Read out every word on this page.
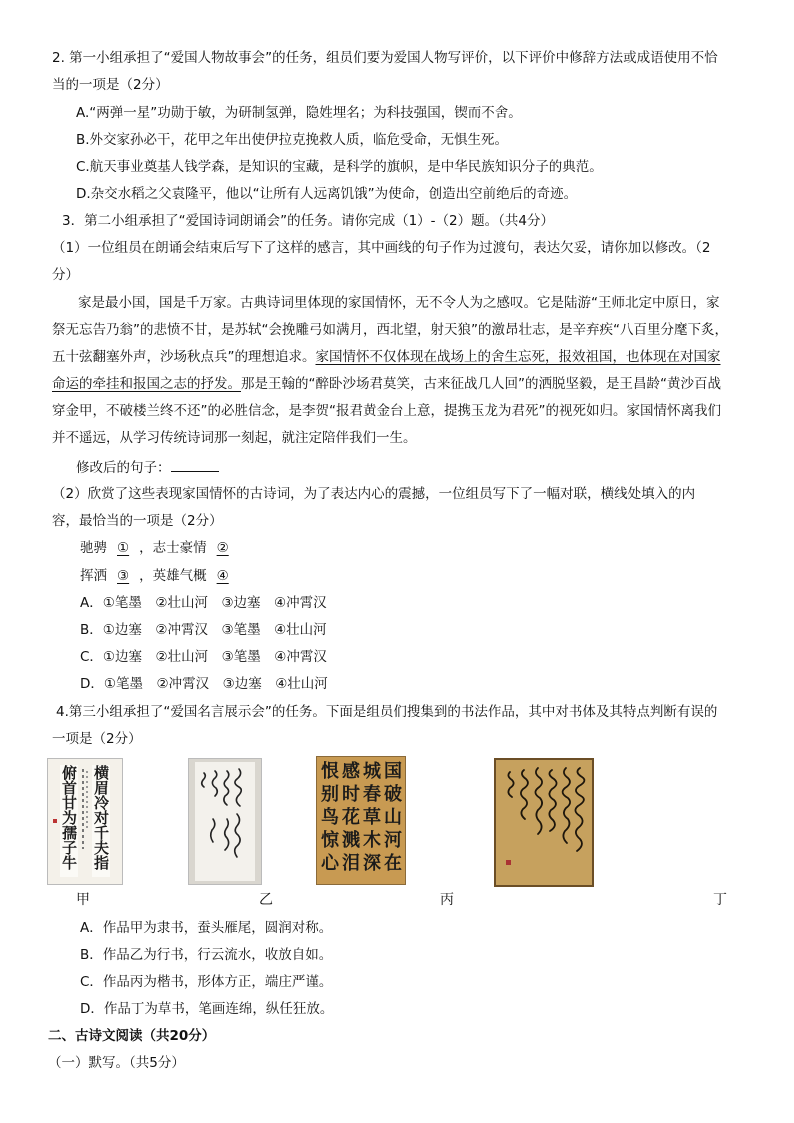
2. 第一小组承担了“爱国人物故事会”的任务，组员们要为爱国人物写评价，以下评价中修辞方法或成语使用不恰
当的一项是（2分）
A.“两弹一星”功勋于敏，为研制氢弹，隐姓埋名；为科技强国，锲而不舍。
B.外交家孙必干，花甲之年出使伊拉克挽救人质，临危受命，无惧生死。
C.航天事业奠基人钱学森，是知识的宝藏，是科学的旗帜，是中华民族知识分子的典范。
D.杂交水稻之父袁隆平，他以“让所有人远离饥饿”为使命，创造出空前绝后的奇迹。
3．第二小组承担了“爱国诗词朗诵会”的任务。请你完成（1）-（2）题。（共4分）
（1）一位组员在朗诵会结束后写下了这样的感言，其中画线的句子作为过渡句，表达欠妥，请你加以修改。（2
分）
家是最小国，国是千万家。古典诗词里体现的家国情怀，无不令人为之感叹。它是陆游“王师北定中原日，家
祭无忘告乃翁”的悲愤不甘，是苏轼“会挽雕弓如满月，西北望，射天狼”的激昂壮志，是辛弃疾“八百里分麾下炙，
五十弦翻塞外声，沙场秋点兵”的理想追求。家国情怀不仅体现在战场上的舍生忘死，报效祖国，也体现在对国家
命运的牵挂和报国之志的抒发。那是王翰的“醉卧沙场君莫笑，古来征战几人回”的洒脱坚毅，是王昌龄“黄沙百战
穿金甲，不破楼兰终不还”的必胜信念，是李贺“报君黄金台上意，提携玉龙为君死”的视死如归。家国情怀离我们
并不遥远，从学习传统诗词那一刻起，就注定陪伴我们一生。
修改后的句子：
（2）欣赏了这些表现家国情怀的古诗词，为了表达内心的震撼，一位组员写下了一幅对联，横线处填入的内
容，最恰当的一项是（2分）
驰骋 ① ，志士豪情 ②
挥洒 ③ ，英雄气概 ④
A．①笔墨　②壮山河　③边塞　④冲霄汉
B．①边塞　②冲霄汉　③笔墨　④壮山河
C．①边塞　②壮山河　③笔墨　④冲霄汉
D．①笔墨　②冲霄汉　③边塞　④壮山河
4.第三小组承担了“爱国名言展示会”的任务。下面是组员们搜集到的书法作品，其中对书体及其特点判断有误的
一项是（2分）
横眉冷对千夫指
俯首甘为孺子牛	国破山河在
城春草木深
感时花溅泪
恨别鸟惊心
甲	乙	丙	丁
A．作品甲为隶书，蚕头雁尾，圆润对称。
B．作品乙为行书，行云流水，收放自如。
C．作品丙为楷书，形体方正，端庄严谨。
D．作品丁为草书，笔画连绵，纵任狂放。
二、古诗文阅读（共20分）
（一）默写。（共5分）
